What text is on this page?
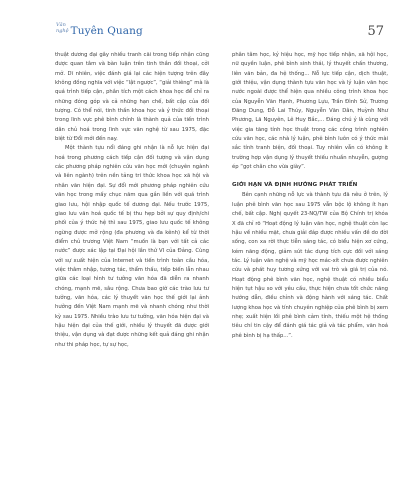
Văn
nghệ Tuyên Quang	57

thuật dương đại gây nhiều tranh cãi trong tiếp nhận cũng được quan tâm và bàn luận trên tinh thần đối thoại, cởi mở. Dĩ nhiên, việc đánh giá lại các hiện tượng trên đây không đồng nghĩa với việc “lật ngược”, “giải thiêng” mà là quá trình tiếp cận, phân tích một cách khoa học để chỉ ra những đóng góp và cả những hạn chế, bất cập của đối tượng. Có thể nói, tinh thần khoa học và ý thức đối thoại trong lĩnh vực phê bình chính là thành quả của tiến trình dân chủ hoá trong lĩnh vực văn nghệ từ sau 1975, đặc biệt từ Đổi mới đến nay.

Một thành tựu nổi đáng ghi nhận là nỗ lực hiện đại hoá trong phương cách tiếp cận đối tượng và vận dụng các phương pháp nghiên cứu văn học mới (chuyên ngành và liên ngành) trên nền tảng tri thức khoa học xã hội và nhân văn hiện đại. Sự đổi mới phương pháp nghiên cứu văn học trong mấy chục năm qua gắn liền với quá trình giao lưu, hội nhập quốc tế dương đại. Nếu trước 1975, giao lưu văn hoá quốc tế bị thu hẹp bởi sự quy định/chi phối của ý thức hệ thì sau 1975, giao lưu quốc tế không ngừng được mở rộng (đa phương và đa kênh) kể từ thời điểm chủ trương Việt Nam “muốn là bạn với tất cả các nước” được xác lập tại Đại hội lần thứ VI của Đảng. Cùng với sự xuất hiện của Internet và tiến trình toàn cầu hóa, việc thâm nhập, tương tác, thẩm thấu, tiếp biến lẫn nhau giữa các loại hình tư tưởng văn hóa đã diễn ra nhanh chóng, mạnh mẽ, sâu rộng. Chưa bao giờ các trào lưu tư tưởng, văn hóa, các lý thuyết văn học thế giới lại ảnh hưởng đến Việt Nam mạnh mẽ và nhanh chóng như thời kỳ sau 1975. Nhiều trào lưu tư tưởng, văn hóa hiện đại và hậu hiện đại của thế giới, nhiều lý thuyết đã được giới thiệu, vận dụng và đạt được những kết quả đáng ghi nhận như thi pháp học, tự sự học,

phân tâm học, ký hiệu học, mỹ học tiếp nhận, xã hội học, nữ quyền luận, phê bình sinh thái, lý thuyết chấn thương, liên văn bản, đa hệ thống... Nỗ lực tiếp cận, dịch thuật, giới thiệu, vận dụng thành tựu văn học và lý luận văn học nước ngoài được thể hiện qua nhiều công trình khoa học của Nguyễn Văn Hạnh, Phương Lựu, Trần Đình Sử, Trương Đăng Dung, Đỗ Lai Thúy, Nguyễn Văn Dân, Huỳnh Như Phương, Lã Nguyên, Lê Huy Bắc,... Đáng chú ý là cùng với việc gia tăng tính học thuật trong các công trình nghiên cứu văn học, các nhà lý luận, phê bình luôn có ý thức mài sắc tính tranh biện, đối thoại. Tuy nhiên vẫn có không ít trường hợp vận dụng lý thuyết thiếu nhuần nhuyễn, gượng ép “gọt chân cho vừa giày”.

GIỚI HẠN VÀ ĐỊNH HƯỚNG PHÁT TRIỂN

Bên cạnh những nỗ lực và thành tựu đã nêu ở trên, lý luận phê bình văn học sau 1975 vẫn bộc lộ không ít hạn chế, bất cập. Nghị quyết 23-NQ/TW của Bộ Chính trị khóa X đã chỉ rõ “Hoạt động lý luận văn học, nghệ thuật còn lạc hậu về nhiều mặt, chưa giải đáp được nhiều vấn đề do đời sống, con xa rời thực tiễn sáng tác, có biểu hiện xơ cứng, kém năng động, giảm sút tác dụng tích cực đối với sáng tác. Lý luận văn nghệ và mỹ học mác-xít chưa được nghiên cứu và phát huy tương xứng với vai trò và giá trị của nó. Hoạt động phê bình văn học, nghệ thuật có nhiều biểu hiện tụt hậu so với yêu cầu, thực hiện chưa tốt chức năng hướng dẫn, điều chỉnh và động hành với sáng tác. Chất lượng khoa học và tính chuyên nghiệp của phê bình bị xem nhẹ; xuất hiện lối phê bình cảm tính, thiếu một hệ thống tiêu chí tin cậy để đánh giá tác giả và tác phẩm, văn hoá phê bình bị hạ thấp...”.
